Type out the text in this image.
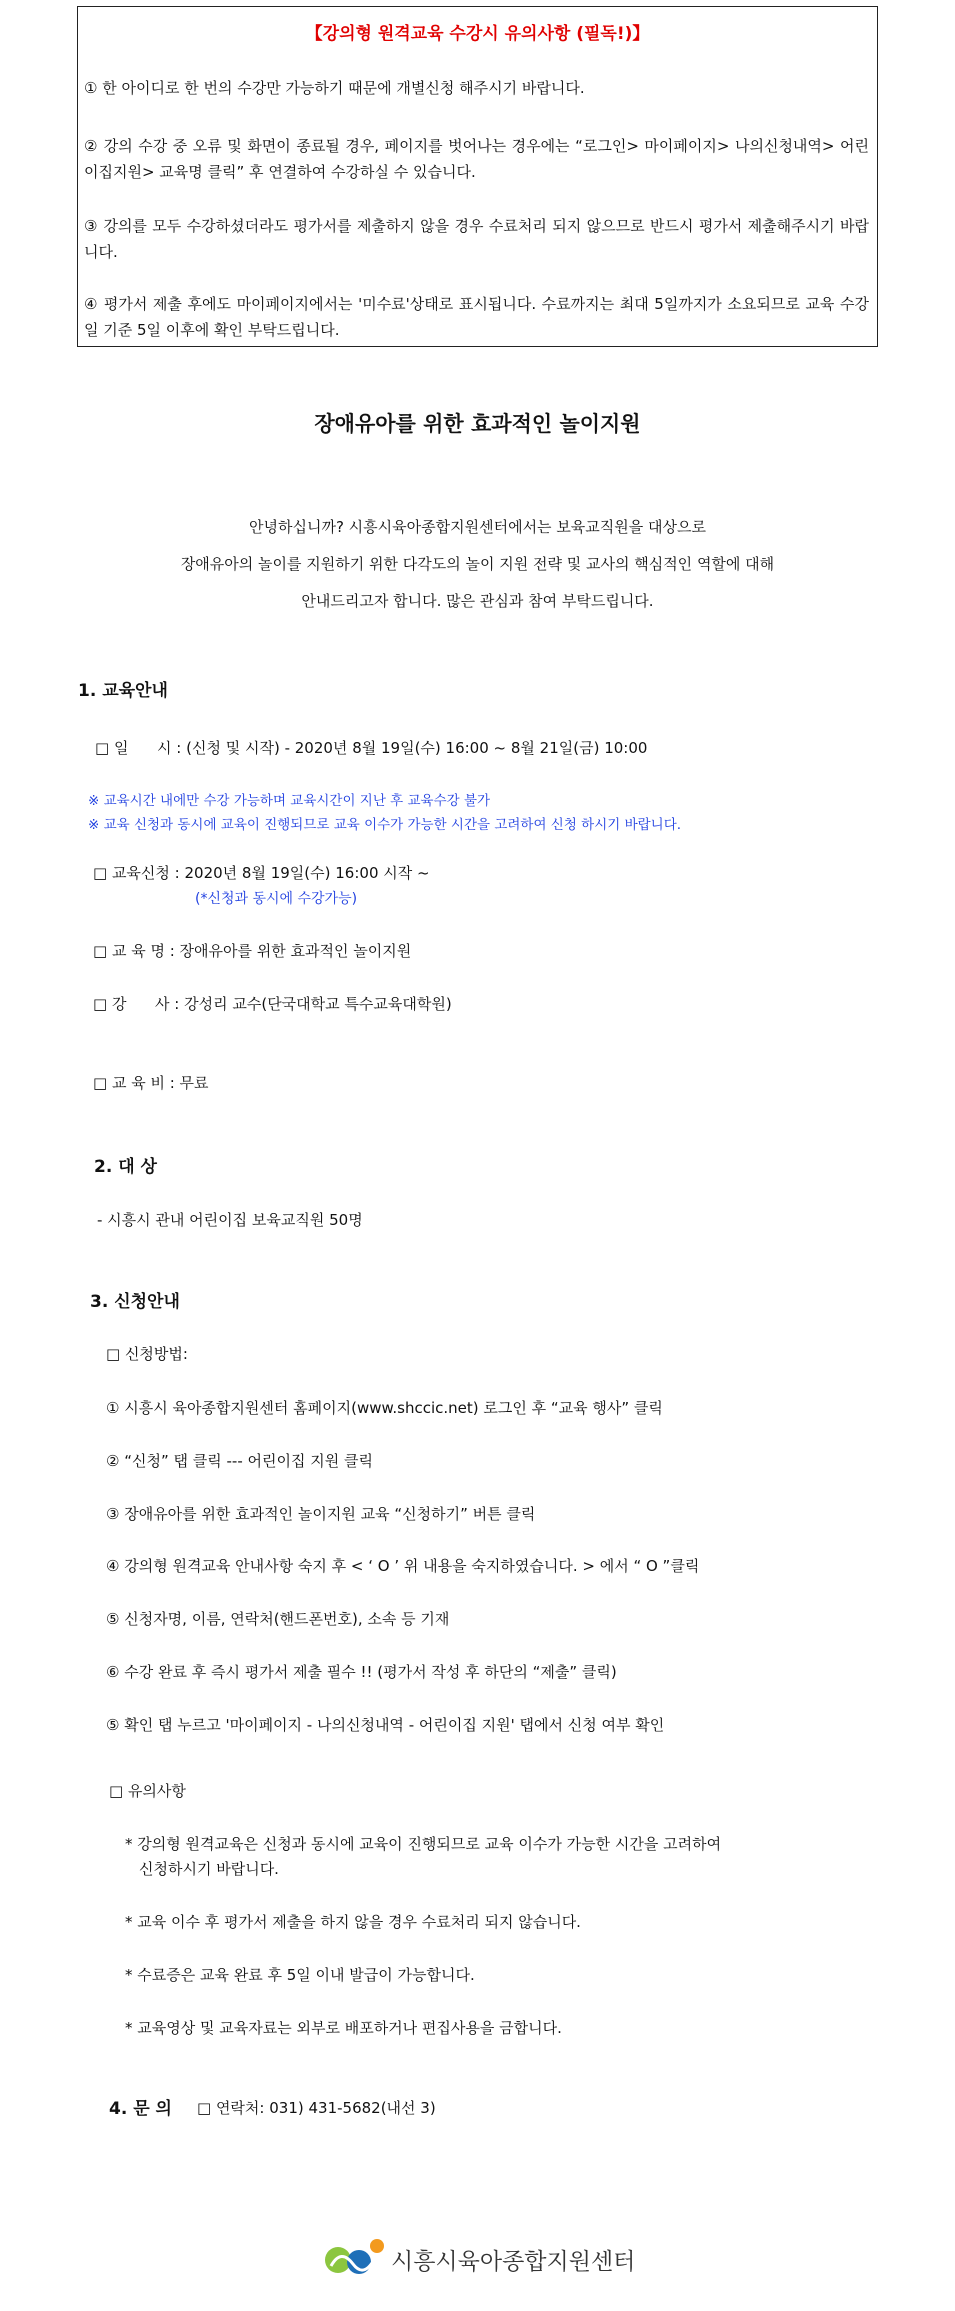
【강의형 원격교육 수강시 유의사항 (필독!)】
① 한 아이디로 한 번의 수강만 가능하기 때문에 개별신청 해주시기 바랍니다.
② 강의 수강 중 오류 및 화면이 종료될 경우, 페이지를 벗어나는 경우에는 “로그인> 마이페이지> 나의신청내역> 어린이집지원> 교육명 클릭” 후 연결하여 수강하실 수 있습니다.
③ 강의를 모두 수강하셨더라도 평가서를 제출하지 않을 경우 수료처리 되지 않으므로 반드시 평가서 제출해주시기 바랍니다.
④ 평가서 제출 후에도 마이페이지에서는 '미수료'상태로 표시됩니다. 수료까지는 최대 5일까지가 소요되므로 교육 수강일 기준 5일 이후에 확인 부탁드립니다.
장애유아를 위한 효과적인 놀이지원
안녕하십니까? 시흥시육아종합지원센터에서는 보육교직원을 대상으로
장애유아의 놀이를 지원하기 위한 다각도의 놀이 지원 전략 및 교사의 핵심적인 역할에 대해
안내드리고자 합니다. 많은 관심과 참여 부탁드립니다.
1. 교육안내
□ 일      시 : (신청 및 시작) - 2020년 8월 19일(수) 16:00 ~ 8월 21일(금) 10:00
※ 교육시간 내에만 수강 가능하며 교육시간이 지난 후 교육수강 불가
※ 교육 신청과 동시에 교육이 진행되므로 교육 이수가 가능한 시간을 고려하여 신청 하시기 바랍니다.
□ 교육신청 : 2020년 8월 19일(수) 16:00 시작 ~
(*신청과 동시에 수강가능)
□ 교 육 명 : 장애유아를 위한 효과적인 놀이지원
□ 강      사 : 강성리 교수(단국대학교 특수교육대학원)
□ 교 육 비 : 무료
2. 대 상
- 시흥시 관내 어린이집 보육교직원 50명
3. 신청안내
□ 신청방법:
① 시흥시 육아종합지원센터 홈페이지(www.shccic.net) 로그인 후 “교육 행사” 클릭
② “신청” 탭 클릭 --- 어린이집 지원 클릭
③ 장애유아를 위한 효과적인 놀이지원 교육 “신청하기” 버튼 클릭
④ 강의형 원격교육 안내사항 숙지 후 < ‘ O ’ 위 내용을 숙지하였습니다. > 에서 “ O ”클릭
⑤ 신청자명, 이름, 연락처(핸드폰번호), 소속 등 기재
⑥ 수강 완료 후 즉시 평가서 제출 필수 !! (평가서 작성 후 하단의 “제출” 클릭)
⑤ 확인 탭 누르고 '마이페이지 - 나의신청내역 - 어린이집 지원' 탭에서 신청 여부 확인
□ 유의사항
* 강의형 원격교육은 신청과 동시에 교육이 진행되므로 교육 이수가 가능한 시간을 고려하여
신청하시기 바랍니다.
* 교육 이수 후 평가서 제출을 하지 않을 경우 수료처리 되지 않습니다.
* 수료증은 교육 완료 후 5일 이내 발급이 가능합니다.
* 교육영상 및 교육자료는 외부로 배포하거나 편집사용을 금합니다.
4. 문 의 □ 연락처: 031) 431-5682(내선 3)
시흥시육아종합지원센터
